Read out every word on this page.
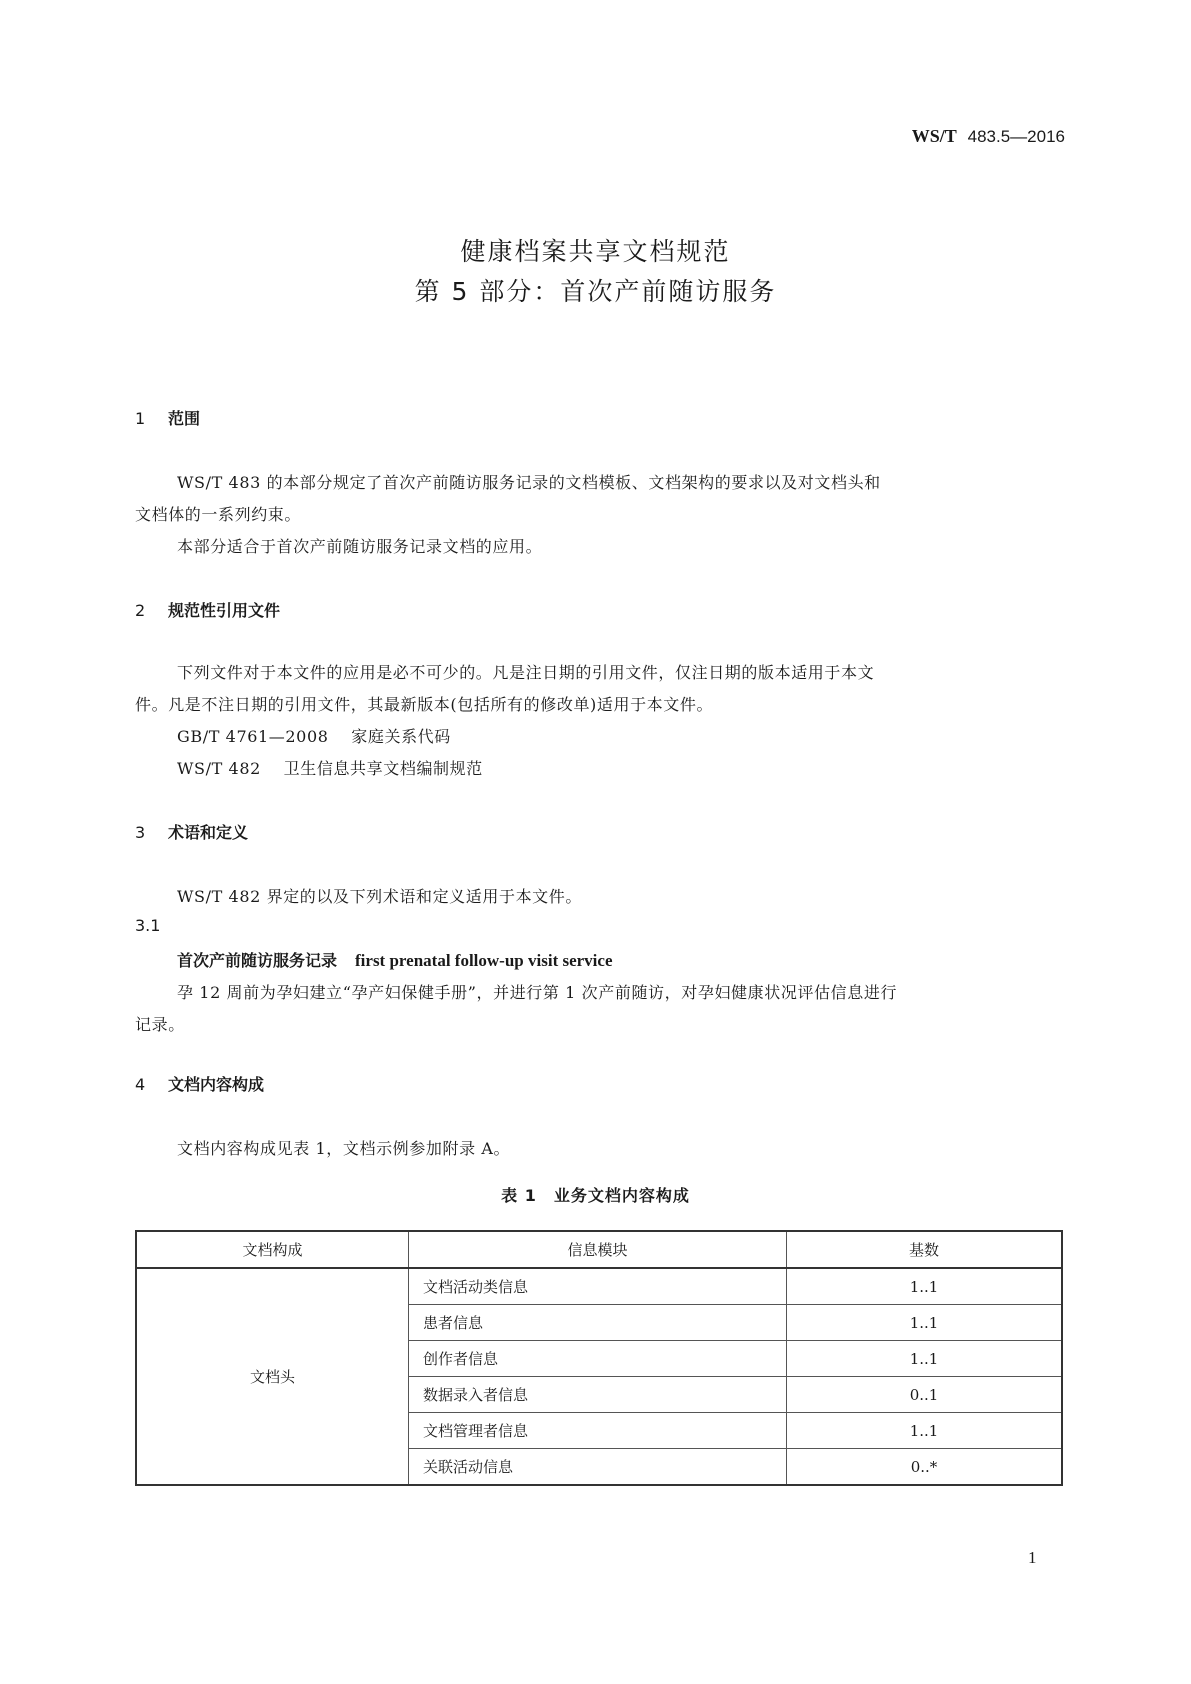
WS/T 483.5—2016
健康档案共享文档规范
第 5 部分：首次产前随访服务
1 范围
WS/T 483 的本部分规定了首次产前随访服务记录的文档模板、文档架构的要求以及对文档头和
文档体的一系列约束。
本部分适合于首次产前随访服务记录文档的应用。
2 规范性引用文件
下列文件对于本文件的应用是必不可少的。凡是注日期的引用文件，仅注日期的版本适用于本文
件。凡是不注日期的引用文件，其最新版本(包括所有的修改单)适用于本文件。
GB/T 4761—2008 家庭关系代码
WS/T 482 卫生信息共享文档编制规范
3 术语和定义
WS/T 482 界定的以及下列术语和定义适用于本文件。
3.1
首次产前随访服务记录 first prenatal follow-up visit service
孕 12 周前为孕妇建立“孕产妇保健手册”，并进行第 1 次产前随访，对孕妇健康状况评估信息进行
记录。
4 文档内容构成
文档内容构成见表 1，文档示例参加附录 A。
表 1　业务文档内容构成
文档构成	信息模块	基数
文档头	文档活动类信息	1..1
	患者信息	1..1
	创作者信息	1..1
	数据录入者信息	0..1
	文档管理者信息	1..1
	关联活动信息	0..*
1
